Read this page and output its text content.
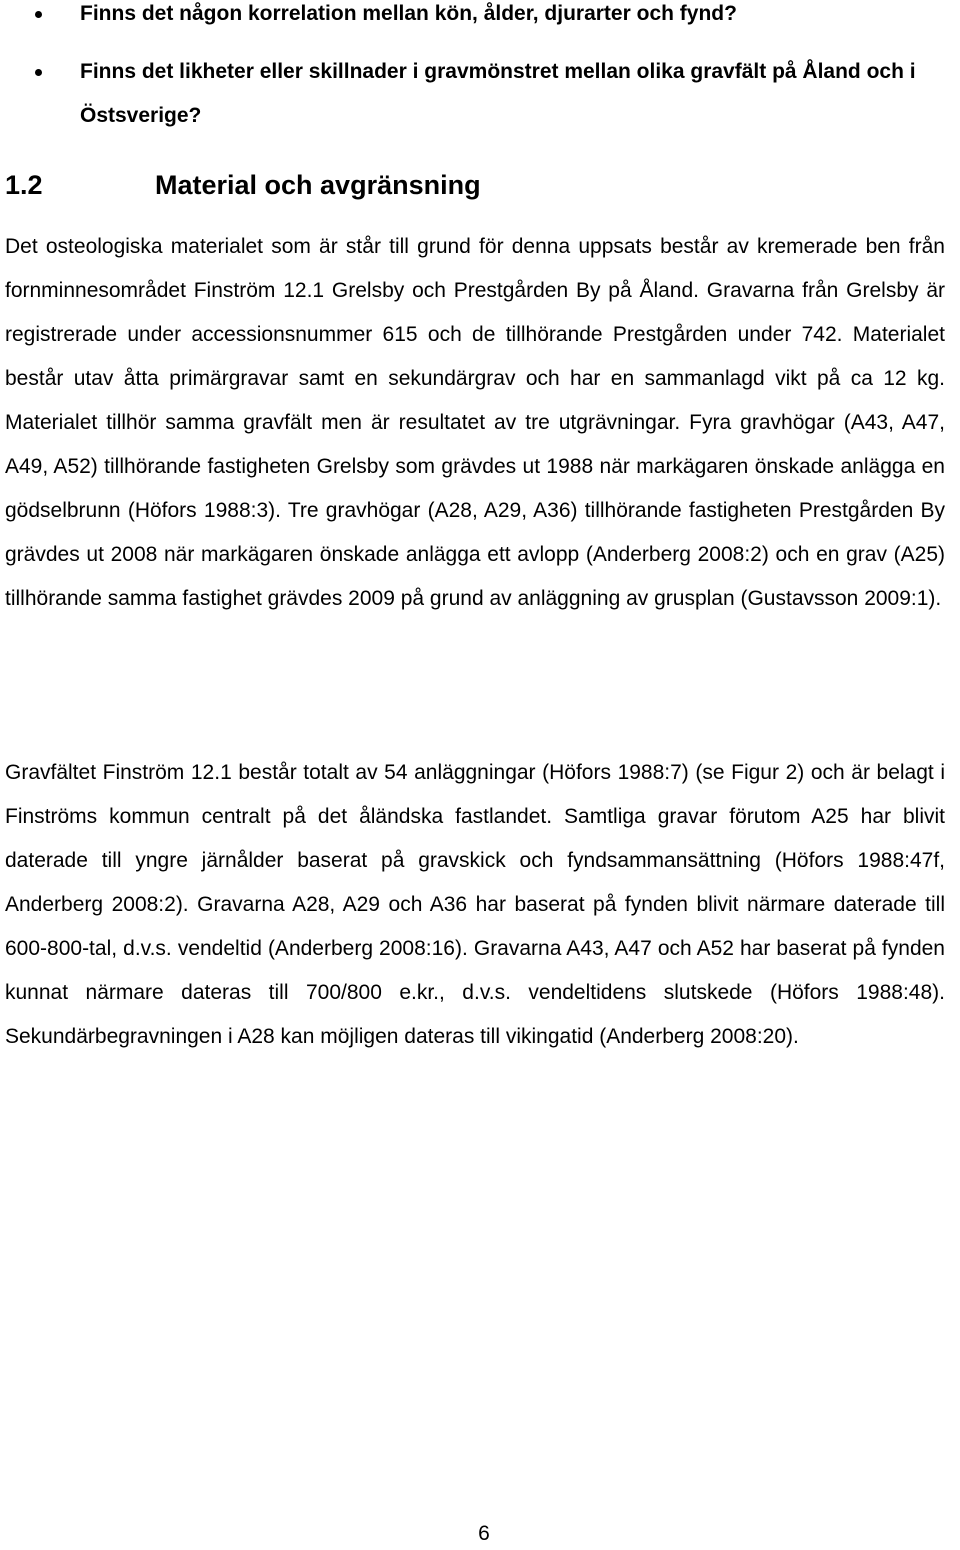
Finns det någon korrelation mellan kön, ålder, djurarter och fynd?
Finns det likheter eller skillnader i gravmönstret mellan olika gravfält på Åland och i Östsverige?
1.2	Material och avgränsning

Det osteologiska materialet som är står till grund för denna uppsats består av kremerade ben från fornminnesområdet Finström 12.1 Grelsby och Prestgården By på Åland. Gravarna från Grelsby är registrerade under accessionsnummer 615 och de tillhörande Prestgården under 742. Materialet består utav åtta primärgravar samt en sekundärgrav och har en sammanlagd vikt på ca 12 kg. Materialet tillhör samma gravfält men är resultatet av tre utgrävningar. Fyra gravhögar (A43, A47, A49, A52) tillhörande fastigheten Grelsby som grävdes ut 1988 när markägaren önskade anlägga en gödselbrunn (Höfors 1988:3). Tre gravhögar (A28, A29, A36) tillhörande fastigheten Prestgården By grävdes ut 2008 när markägaren önskade anlägga ett avlopp (Anderberg 2008:2) och en grav (A25) tillhörande samma fastighet grävdes 2009 på grund av anläggning av grusplan (Gustavsson 2009:1).

Gravfältet Finström 12.1 består totalt av 54 anläggningar (Höfors 1988:7) (se Figur 2) och är belagt i Finströms kommun centralt på det åländska fastlandet. Samtliga gravar förutom A25 har blivit daterade till yngre järnålder baserat på gravskick och fyndsammansättning (Höfors 1988:47f, Anderberg 2008:2). Gravarna A28, A29 och A36 har baserat på fynden blivit närmare daterade till 600-800-tal, d.v.s. vendeltid (Anderberg 2008:16). Gravarna A43, A47 och A52 har baserat på fynden kunnat närmare dateras till 700/800 e.kr., d.v.s. vendeltidens slutskede (Höfors 1988:48). Sekundärbegravningen i A28 kan möjligen dateras till vikingatid (Anderberg 2008:20).

6
